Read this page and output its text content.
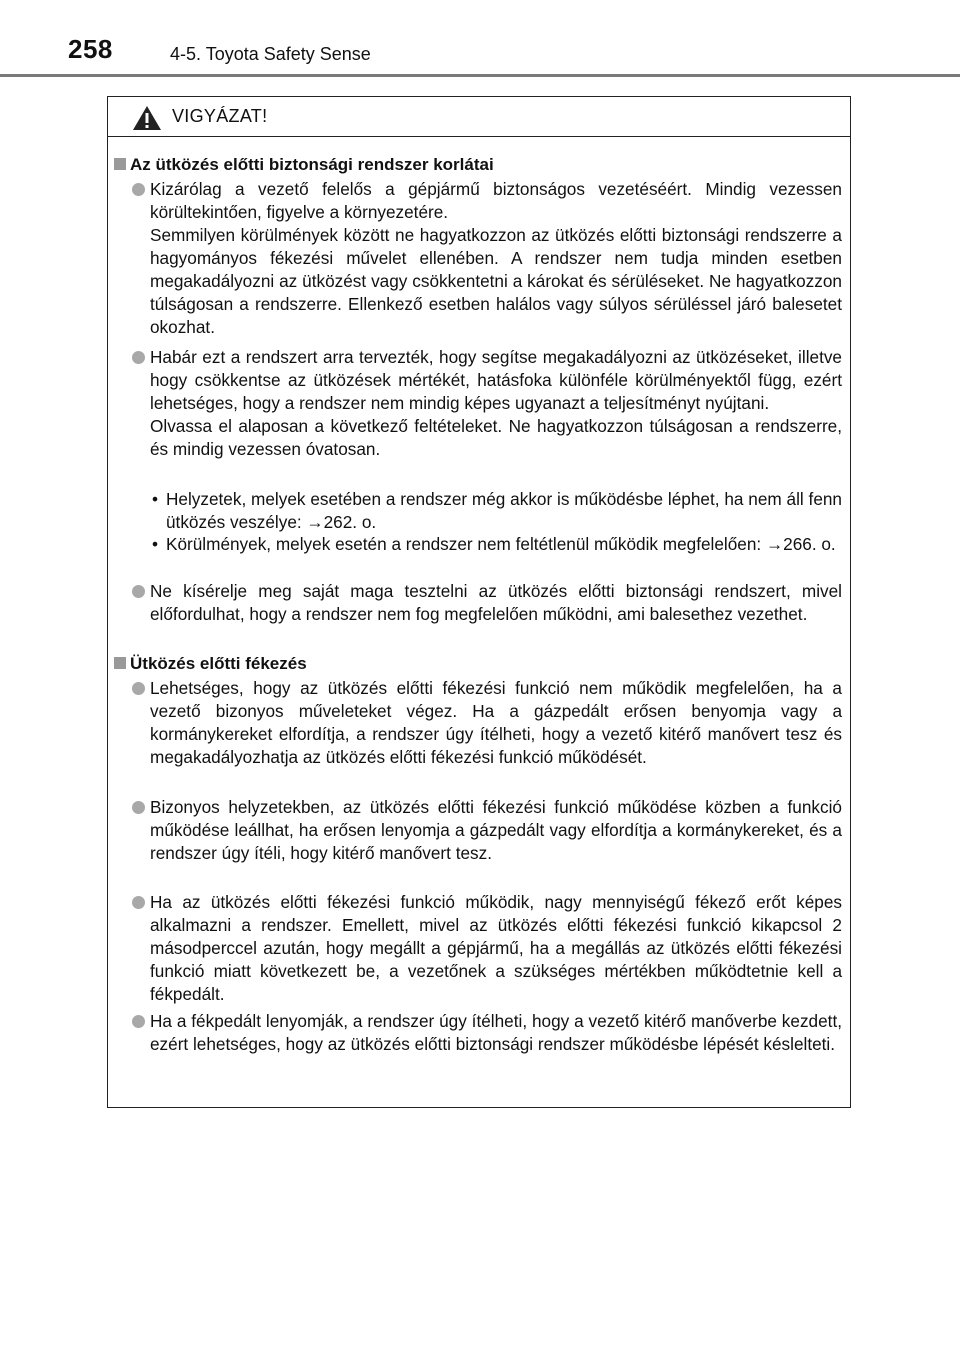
258	4-5. Toyota Safety Sense
VIGYÁZAT!
Az ütközés előtti biztonsági rendszer korlátai

Kizárólag a vezető felelős a gépjármű biztonságos vezetéséért. Mindig vezessen körültekintően, figyelve a környezetére.

Semmilyen körülmények között ne hagyatkozzon az ütközés előtti biztonsági rendszerre a hagyományos fékezési művelet ellenében. A rendszer nem tudja minden esetben megakadályozni az ütközést vagy csökkentetni a károkat és sérüléseket. Ne hagyatkozzon túlságosan a rendszerre. Ellenkező esetben halálos vagy súlyos sérüléssel járó balesetet okozhat.

Habár ezt a rendszert arra tervezték, hogy segítse megakadályozni az ütközéseket, illetve hogy csökkentse az ütközések mértékét, hatásfoka különféle körülményektől függ, ezért lehetséges, hogy a rendszer nem mindig képes ugyanazt a teljesítményt nyújtani.

Olvassa el alaposan a következő feltételeket. Ne hagyatkozzon túlságosan a rendszerre, és mindig vezessen óvatosan.

• Helyzetek, melyek esetében a rendszer még akkor is működésbe léphet, ha nem áll fenn ütközés veszélye: →262. o.
• Körülmények, melyek esetén a rendszer nem feltétlenül működik megfelelően: →266. o.

Ne kísérelje meg saját maga tesztelni az ütközés előtti biztonsági rendszert, mivel előfordulhat, hogy a rendszer nem fog megfelelően működni, ami balesethez vezethet.

Ütközés előtti fékezés

Lehetséges, hogy az ütközés előtti fékezési funkció nem működik megfelelően, ha a vezető bizonyos műveleteket végez. Ha a gázpedált erősen benyomja vagy a kormánykereket elfordítja, a rendszer úgy ítélheti, hogy a vezető kitérő manővert tesz és megakadályozhatja az ütközés előtti fékezési funkció működését.

Bizonyos helyzetekben, az ütközés előtti fékezési funkció működése közben a funkció működése leállhat, ha erősen lenyomja a gázpedált vagy elfordítja a kormánykereket, és a rendszer úgy ítéli, hogy kitérő manővert tesz.

Ha az ütközés előtti fékezési funkció működik, nagy mennyiségű fékező erőt képes alkalmazni a rendszer. Emellett, mivel az ütközés előtti fékezési funkció kikapcsol 2 másodperccel azután, hogy megállt a gépjármű, ha a megállás az ütközés előtti fékezési funkció miatt következett be, a vezetőnek a szükséges mértékben működtetnie kell a fékpedált.

Ha a fékpedált lenyomják, a rendszer úgy ítélheti, hogy a vezető kitérő manőverbe kezdett, ezért lehetséges, hogy az ütközés előtti biztonsági rendszer működésbe lépését késlelteti.
